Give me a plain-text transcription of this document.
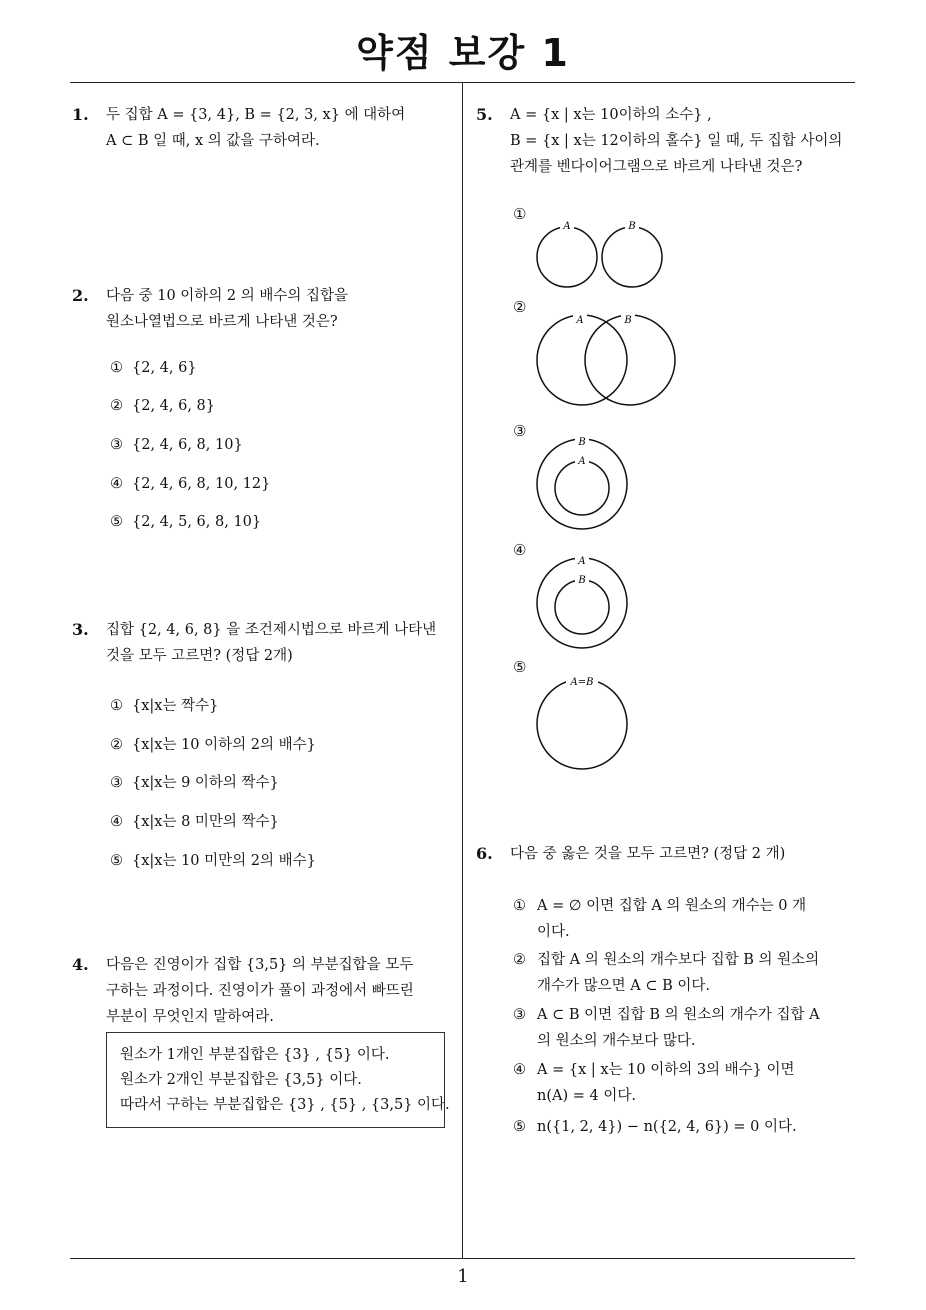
약점 보강 1
1. 두 집합 A = {3, 4}, B = {2, 3, x} 에 대하여
A ⊂ B 일 때, x 의 값을 구하여라.
2. 다음 중 10 이하의 2 의 배수의 집합을
원소나열법으로 바르게 나타낸 것은?
① {2, 4, 6}
② {2, 4, 6, 8}
③ {2, 4, 6, 8, 10}
④ {2, 4, 6, 8, 10, 12}
⑤ {2, 4, 5, 6, 8, 10}
3. 집합 {2, 4, 6, 8} 을 조건제시법으로 바르게 나타낸
것을 모두 고르면? (정답 2개)
① {x|x는 짝수}
② {x|x는 10 이하의 2의 배수}
③ {x|x는 9 이하의 짝수}
④ {x|x는 8 미만의 짝수}
⑤ {x|x는 10 미만의 2의 배수}
4. 다음은 진영이가 집합 {3,5} 의 부분집합을 모두
구하는 과정이다. 진영이가 풀이 과정에서 빠뜨린
부분이 무엇인지 말하여라.
원소가 1개인 부분집합은 {3} , {5} 이다.
원소가 2개인 부분집합은 {3,5} 이다.
따라서 구하는 부분집합은 {3} , {5} , {3,5} 이다.
5. A = {x | x는 10이하의 소수} ,
B = {x | x는 12이하의 홀수} 일 때, 두 집합 사이의
관계를 벤다이어그램으로 바르게 나타낸 것은?
①
A	B
②
A	B
③
B
A
④
A
B
⑤
A=B
6. 다음 중 옳은 것을 모두 고르면? (정답 2 개)
① A = ∅ 이면 집합 A 의 원소의 개수는 0 개
이다.
② 집합 A 의 원소의 개수보다 집합 B 의 원소의
개수가 많으면 A ⊂ B 이다.
③ A ⊂ B 이면 집합 B 의 원소의 개수가 집합 A
의 원소의 개수보다 많다.
④ A = {x | x는 10 이하의 3의 배수} 이면
n(A) = 4 이다.
⑤ n({1, 2, 4}) − n({2, 4, 6}) = 0 이다.
1
